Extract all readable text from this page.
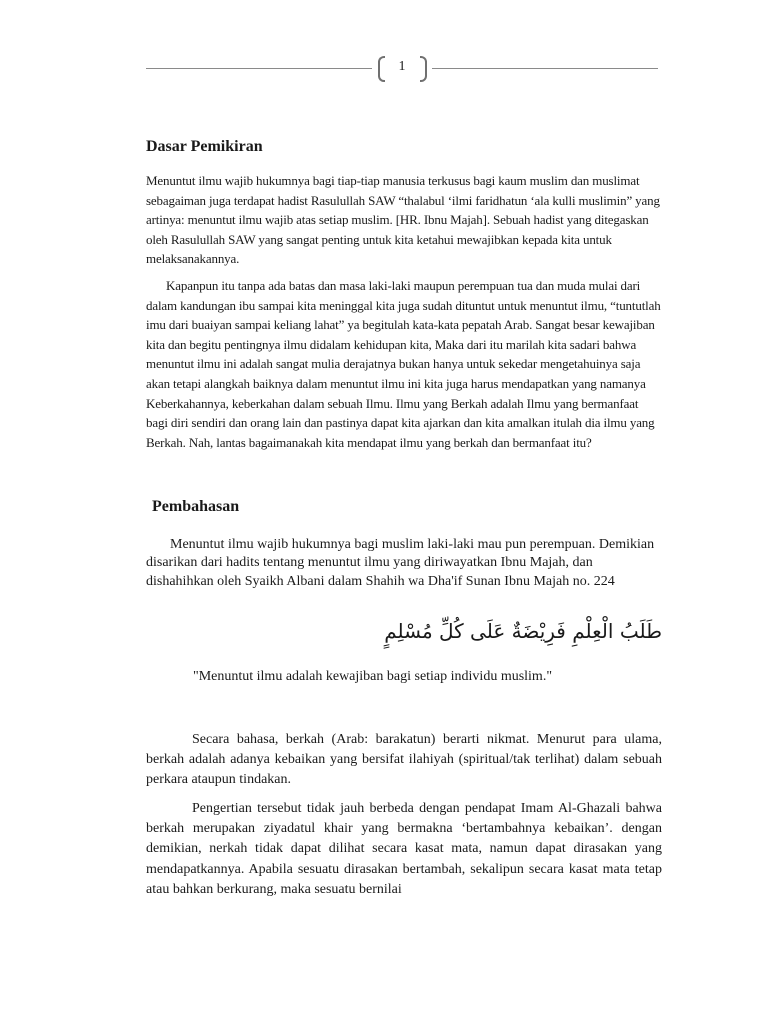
1
Dasar Pemikiran

Menuntut ilmu wajib hukumnya bagi tiap-tiap manusia terkusus bagi kaum muslim dan muslimat sebagaiman juga terdapat hadist Rasulullah SAW “thalabul ‘ilmi faridhatun ‘ala kulli muslimin” yang artinya: menuntut ilmu wajib atas setiap muslim. [HR. Ibnu Majah]. Sebuah hadist yang ditegaskan oleh Rasulullah SAW yang sangat penting untuk kita ketahui mewajibkan kepada kita untuk melaksanakannya.

Kapanpun itu tanpa ada batas dan masa laki-laki maupun perempuan tua dan muda mulai dari dalam kandungan ibu sampai kita meninggal kita juga sudah dituntut untuk menuntut ilmu, “tuntutlah imu dari buaiyan sampai keliang lahat” ya begitulah kata-kata pepatah Arab. Sangat besar kewajiban kita dan begitu pentingnya ilmu didalam kehidupan kita, Maka dari itu marilah kita sadari bahwa menuntut ilmu ini adalah sangat mulia derajatnya bukan hanya untuk sekedar mengetahuinya saja akan tetapi alangkah baiknya dalam menuntut ilmu ini kita juga harus mendapatkan yang namanya Keberkahannya, keberkahan dalam sebuah Ilmu. Ilmu yang Berkah adalah Ilmu yang bermanfaat bagi diri sendiri dan orang lain dan pastinya dapat kita ajarkan dan kita amalkan itulah dia ilmu yang Berkah. Nah, lantas bagaimanakah kita mendapat ilmu yang berkah dan bermanfaat itu?

Pembahasan

Menuntut ilmu wajib hukumnya bagi muslim laki-laki mau pun perempuan. Demikian disarikan dari hadits tentang menuntut ilmu yang diriwayatkan Ibnu Majah, dan dishahihkan oleh Syaikh Albani dalam Shahih wa Dha'if Sunan Ibnu Majah no. 224

طَلَبُ الْعِلْمِ فَرِيْضَةٌ عَلَى كُلِّ مُسْلِمٍ

"Menuntut ilmu adalah kewajiban bagi setiap individu muslim."

Secara bahasa, berkah (Arab: barakatun) berarti nikmat. Menurut para ulama, berkah adalah adanya kebaikan yang bersifat ilahiyah (spiritual/tak terlihat) dalam sebuah perkara ataupun tindakan.

Pengertian tersebut tidak jauh berbeda dengan pendapat Imam Al-Ghazali bahwa berkah merupakan ziyadatul khair yang bermakna ‘bertambahnya kebaikan’. dengan demikian, nerkah tidak dapat dilihat secara kasat mata, namun dapat dirasakan yang mendapatkannya. Apabila sesuatu dirasakan bertambah, sekalipun secara kasat mata tetap atau bahkan berkurang, maka sesuatu bernilai
